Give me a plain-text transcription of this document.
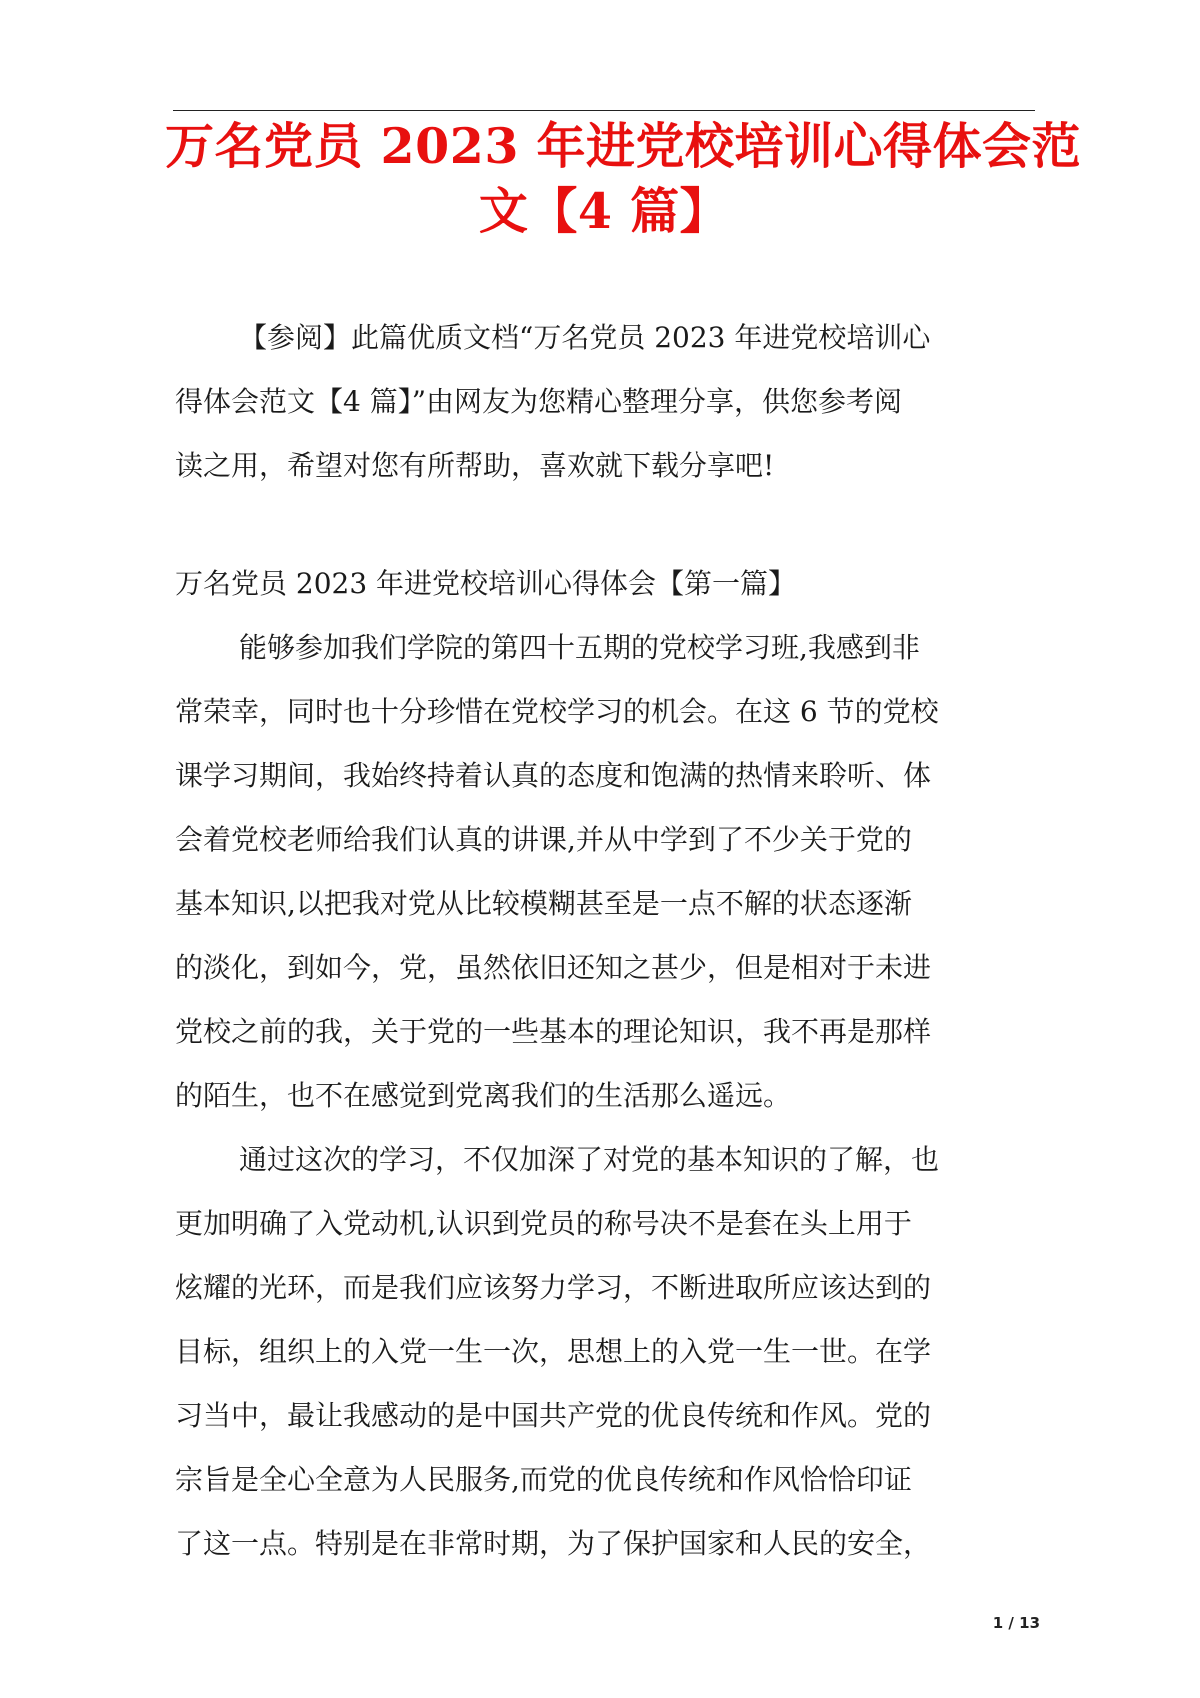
万名党员 2023 年进党校培训心得体会范
文【4 篇】

【参阅】此篇优质文档“万名党员 2023 年进党校培训心
得体会范文【4 篇】”由网友为您精心整理分享，供您参考阅
读之用，希望对您有所帮助，喜欢就下载分享吧!

万名党员 2023 年进党校培训心得体会【第一篇】

能够参加我们学院的第四十五期的党校学习班,我感到非
常荣幸，同时也十分珍惜在党校学习的机会。在这 6 节的党校
课学习期间，我始终持着认真的态度和饱满的热情来聆听、体
会着党校老师给我们认真的讲课,并从中学到了不少关于党的
基本知识,以把我对党从比较模糊甚至是一点不解的状态逐渐
的淡化，到如今，党，虽然依旧还知之甚少，但是相对于未进
党校之前的我，关于党的一些基本的理论知识，我不再是那样
的陌生，也不在感觉到党离我们的生活那么遥远。

通过这次的学习，不仅加深了对党的基本知识的了解，也
更加明确了入党动机,认识到党员的称号决不是套在头上用于
炫耀的光环，而是我们应该努力学习，不断进取所应该达到的
目标，组织上的入党一生一次，思想上的入党一生一世。在学
习当中，最让我感动的是中国共产党的优良传统和作风。党的
宗旨是全心全意为人民服务,而党的优良传统和作风恰恰印证
了这一点。特别是在非常时期，为了保护国家和人民的安全，

1 / 13
